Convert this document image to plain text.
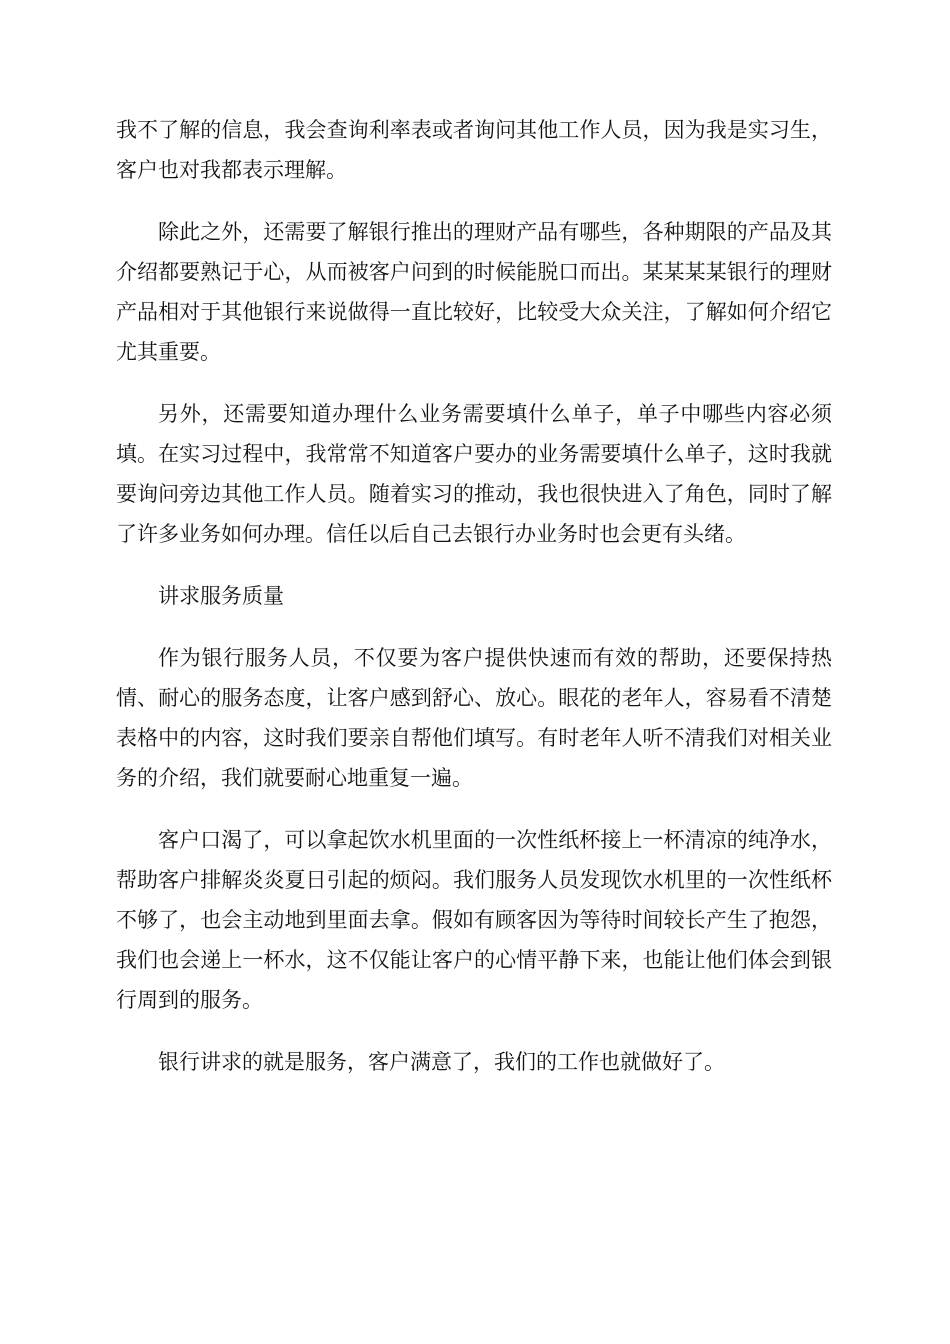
我不了解的信息，我会查询利率表或者询问其他工作人员，因为我是实习生，客户也对我都表示理解。

除此之外，还需要了解银行推出的理财产品有哪些，各种期限的产品及其介绍都要熟记于心，从而被客户问到的时候能脱口而出。某某某某银行的理财产品相对于其他银行来说做得一直比较好，比较受大众关注，了解如何介绍它尤其重要。

另外，还需要知道办理什么业务需要填什么单子，单子中哪些内容必须填。在实习过程中，我常常不知道客户要办的业务需要填什么单子，这时我就要询问旁边其他工作人员。随着实习的推动，我也很快进入了角色，同时了解了许多业务如何办理。信任以后自己去银行办业务时也会更有头绪。

讲求服务质量

作为银行服务人员，不仅要为客户提供快速而有效的帮助，还要保持热情、耐心的服务态度，让客户感到舒心、放心。眼花的老年人，容易看不清楚表格中的内容，这时我们要亲自帮他们填写。有时老年人听不清我们对相关业务的介绍，我们就要耐心地重复一遍。

客户口渴了，可以拿起饮水机里面的一次性纸杯接上一杯清凉的纯净水，帮助客户排解炎炎夏日引起的烦闷。我们服务人员发现饮水机里的一次性纸杯不够了，也会主动地到里面去拿。假如有顾客因为等待时间较长产生了抱怨，我们也会递上一杯水，这不仅能让客户的心情平静下来，也能让他们体会到银行周到的服务。

银行讲求的就是服务，客户满意了，我们的工作也就做好了。
